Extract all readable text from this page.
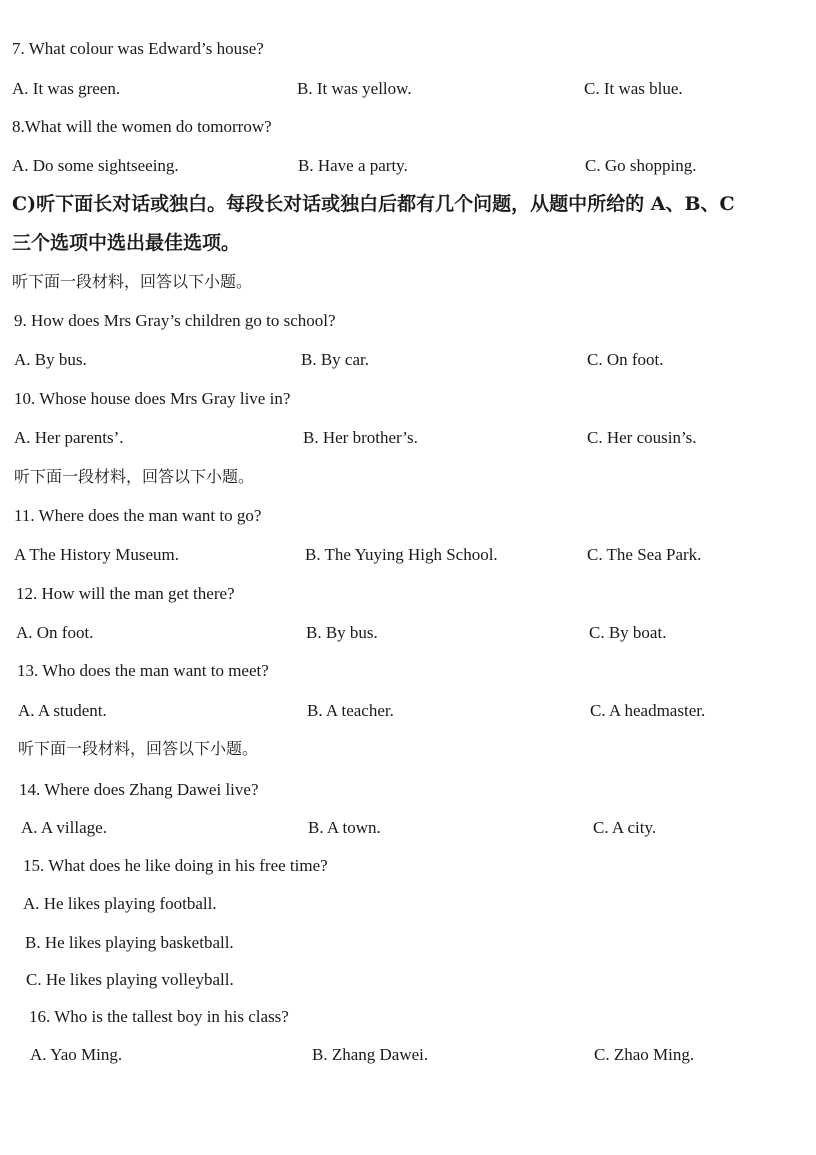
7. What colour was Edward’s house?
A. It was green.	B. It was yellow.	C. It was blue.
8.What will the women do tomorrow?
A. Do some sightseeing.	B. Have a party.	C. Go shopping.
C)听下面长对话或独白。每段长对话或独白后都有几个问题，从题中所给的 A、B、C
三个选项中选出最佳选项。
听下面一段材料，回答以下小题。
9. How does Mrs Gray’s children go to school?
A. By bus.	B. By car.	C. On foot.
10. Whose house does Mrs Gray live in?
A. Her parents’.	B. Her brother’s.	C. Her cousin’s.
听下面一段材料，回答以下小题。
11. Where does the man want to go?
A The History Museum.	B. The Yuying High School.	C. The Sea Park.
12. How will the man get there?
A. On foot.	B. By bus.	C. By boat.
13. Who does the man want to meet?
A. A student.	B. A teacher.	C. A headmaster.
听下面一段材料，回答以下小题。
14. Where does Zhang Dawei live?
A. A village.	B. A town.	C. A city.
15. What does he like doing in his free time?
A. He likes playing football.
B. He likes playing basketball.
C. He likes playing volleyball.
16. Who is the tallest boy in his class?
A. Yao Ming.	B. Zhang Dawei.	C. Zhao Ming.
